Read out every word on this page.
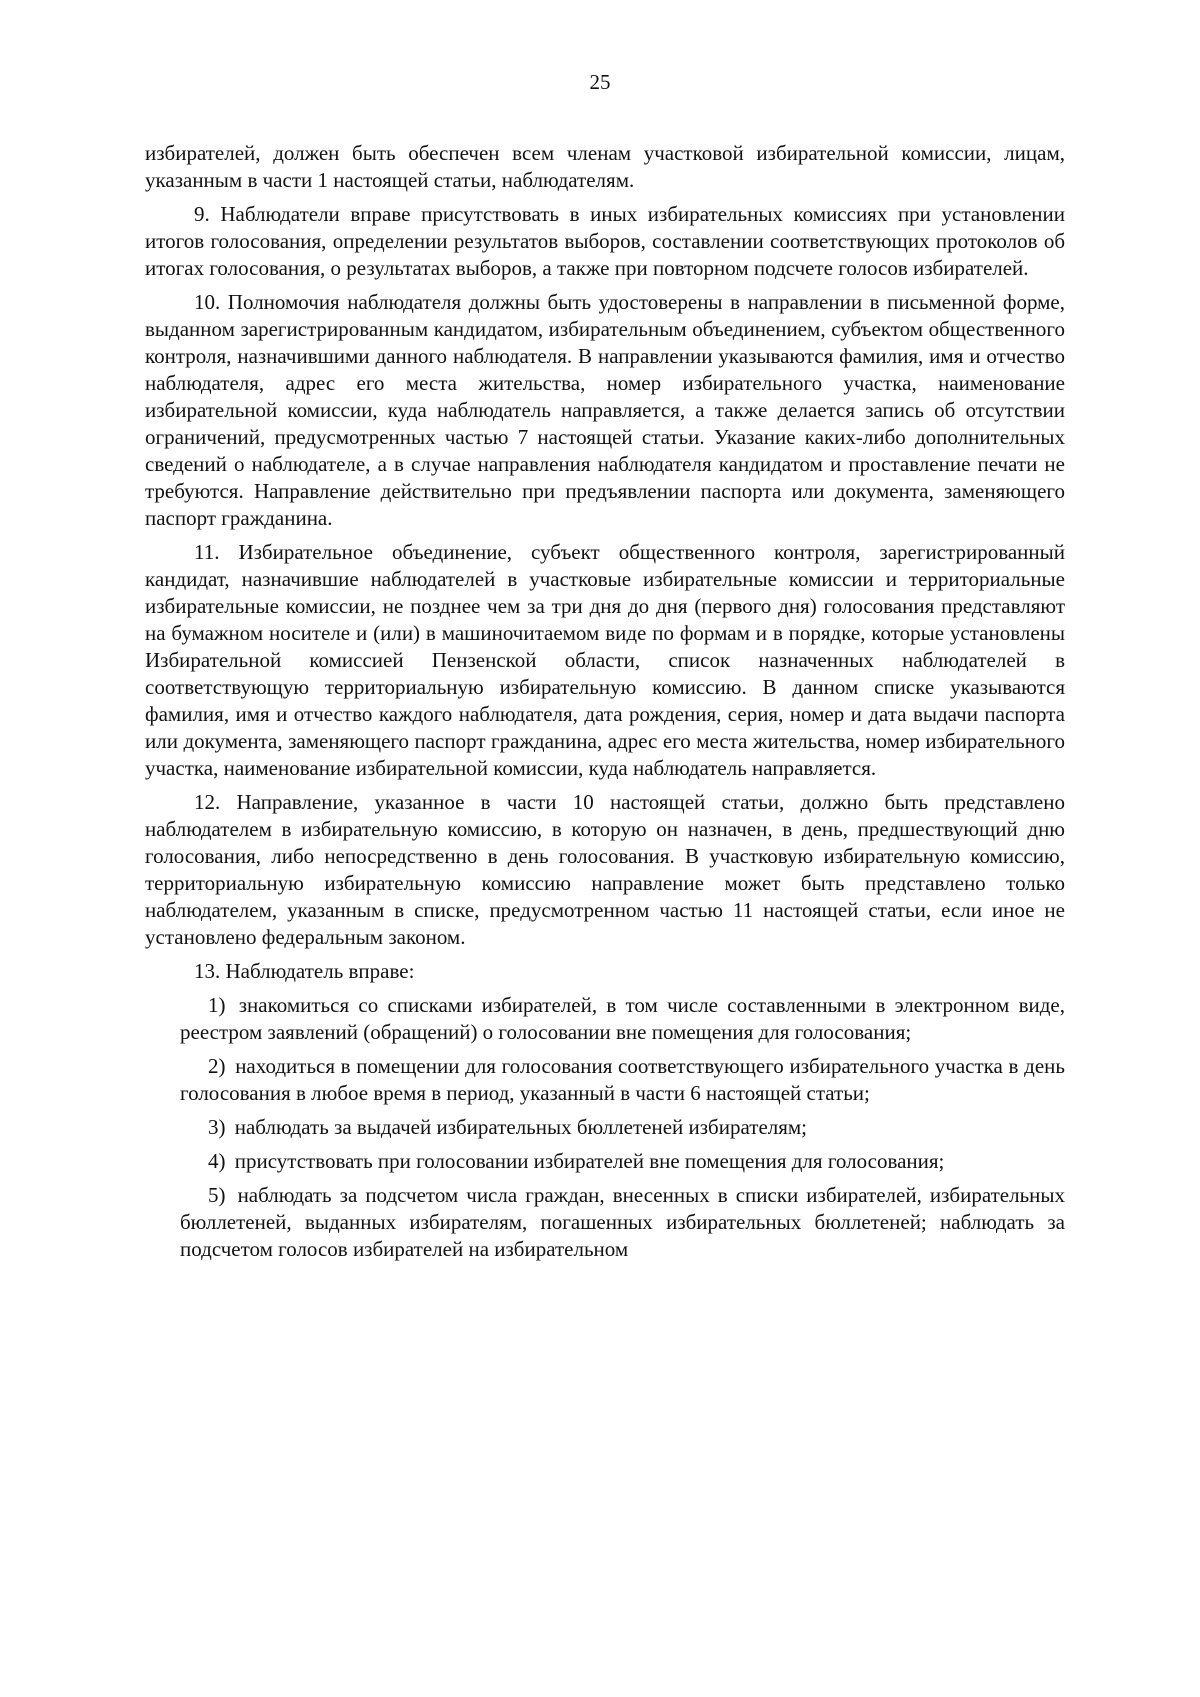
25

избирателей, должен быть обеспечен всем членам участковой избирательной комиссии, лицам, указанным в части 1 настоящей статьи, наблюдателям.

9. Наблюдатели вправе присутствовать в иных избирательных комиссиях при установлении итогов голосования, определении результатов выборов, составлении соответствующих протоколов об итогах голосования, о результатах выборов, а также при повторном подсчете голосов избирателей.

10. Полномочия наблюдателя должны быть удостоверены в направлении в письменной форме, выданном зарегистрированным кандидатом, избирательным объединением, субъектом общественного контроля, назначившими данного наблюдателя. В направлении указываются фамилия, имя и отчество наблюдателя, адрес его места жительства, номер избирательного участка, наименование избирательной комиссии, куда наблюдатель направляется, а также делается запись об отсутствии ограничений, предусмотренных частью 7 настоящей статьи. Указание каких-либо дополнительных сведений о наблюдателе, а в случае направления наблюдателя кандидатом и проставление печати не требуются. Направление действительно при предъявлении паспорта или документа, заменяющего паспорт гражданина.

11. Избирательное объединение, субъект общественного контроля, зарегистрированный кандидат, назначившие наблюдателей в участковые избирательные комиссии и территориальные избирательные комиссии, не позднее чем за три дня до дня (первого дня) голосования представляют на бумажном носителе и (или) в машиночитаемом виде по формам и в порядке, которые установлены Избирательной комиссией Пензенской области, список назначенных наблюдателей в соответствующую территориальную избирательную комиссию. В данном списке указываются фамилия, имя и отчество каждого наблюдателя, дата рождения, серия, номер и дата выдачи паспорта или документа, заменяющего паспорт гражданина, адрес его места жительства, номер избирательного участка, наименование избирательной комиссии, куда наблюдатель направляется.

12. Направление, указанное в части 10 настоящей статьи, должно быть представлено наблюдателем в избирательную комиссию, в которую он назначен, в день, предшествующий дню голосования, либо непосредственно в день голосования. В участковую избирательную комиссию, территориальную избирательную комиссию направление может быть представлено только наблюдателем, указанным в списке, предусмотренном частью 11 настоящей статьи, если иное не установлено федеральным законом.

13. Наблюдатель вправе:

1) знакомиться со списками избирателей, в том числе составленными в электронном виде, реестром заявлений (обращений) о голосовании вне помещения для голосования;

2) находиться в помещении для голосования соответствующего избирательного участка в день голосования в любое время в период, указанный в части 6 настоящей статьи;

3) наблюдать за выдачей избирательных бюллетеней избирателям;

4) присутствовать при голосовании избирателей вне помещения для голосования;

5) наблюдать за подсчетом числа граждан, внесенных в списки избирателей, избирательных бюллетеней, выданных избирателям, погашенных избирательных бюллетеней; наблюдать за подсчетом голосов избирателей на избирательном
